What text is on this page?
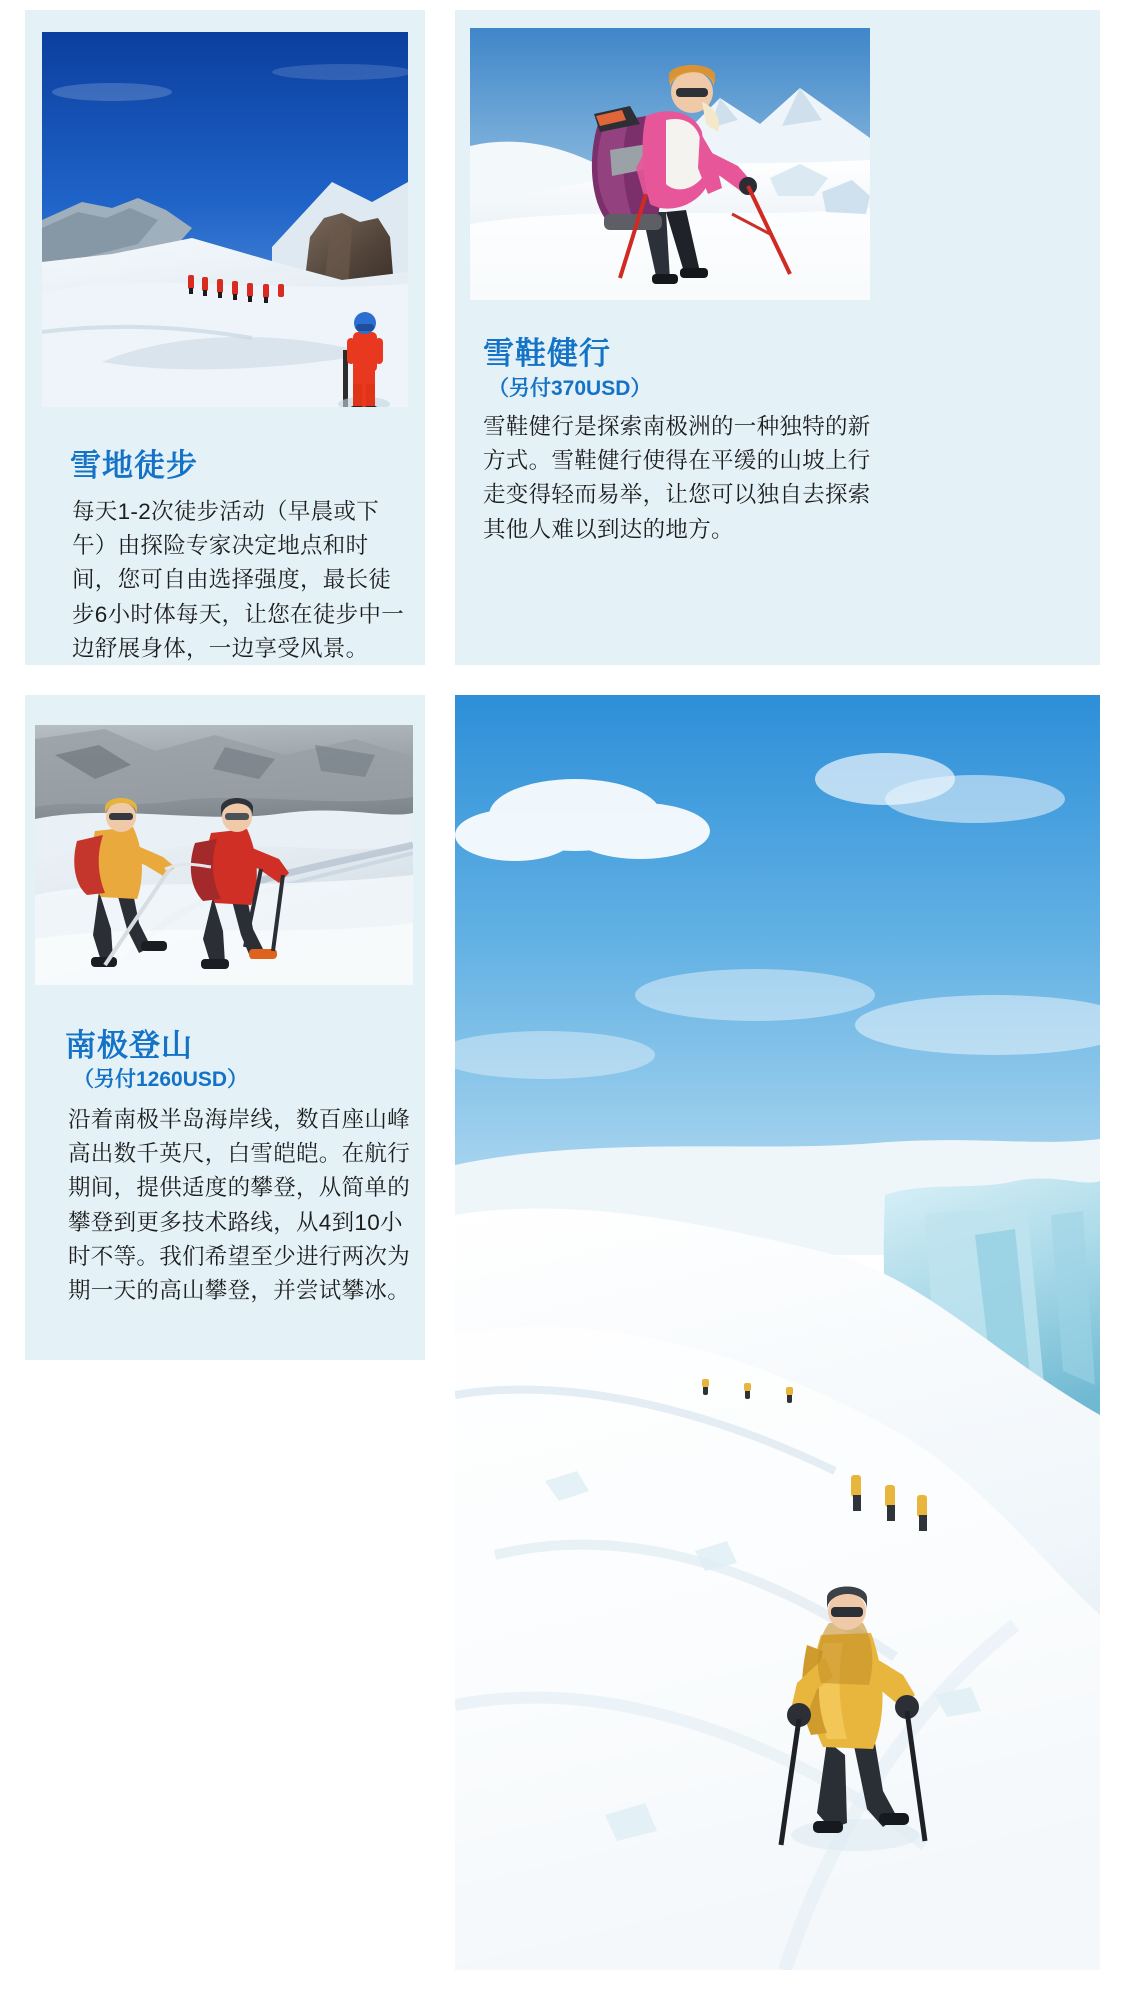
雪地徒步
每天1-2次徒步活动（早晨或下午）由探险专家决定地点和时间，您可自由选择强度，最长徒步6小时体每天，让您在徒步中一边舒展身体，一边享受风景。
雪鞋健行
（另付370USD）
雪鞋健行是探索南极洲的一种独特的新方式。雪鞋健行使得在平缓的山坡上行走变得轻而易举，让您可以独自去探索其他人难以到达的地方。
南极登山
（另付1260USD）
沿着南极半岛海岸线，数百座山峰高出数千英尺，白雪皑皑。在航行期间，提供适度的攀登，从简单的攀登到更多技术路线，从4到10小时不等。我们希望至少进行两次为期一天的高山攀登，并尝试攀冰。
